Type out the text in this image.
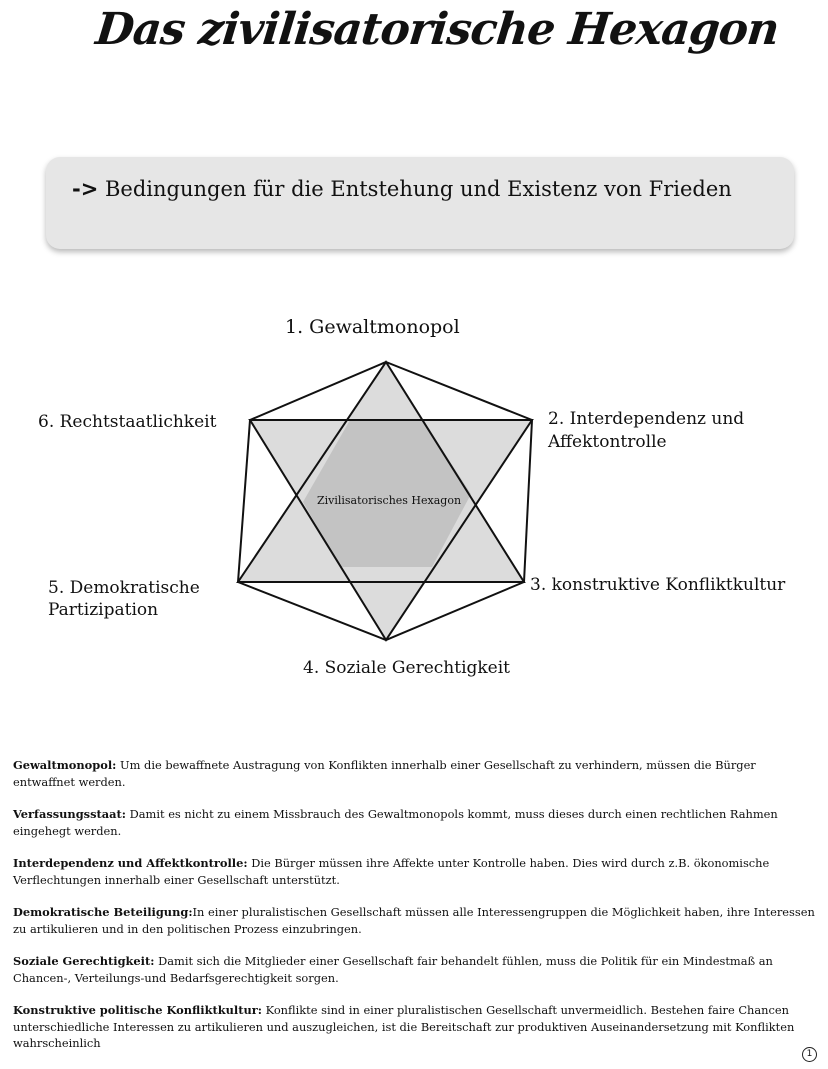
Das zivilisatorische Hexagon
-> Bedingungen für die Entstehung und Existenz von Frieden
Zivilisatorisches Hexagon
1. Gewaltmonopol
2. Interdependenz und
Affektontrolle
3. konstruktive Konfliktkultur
4. Soziale Gerechtigkeit
5. Demokratische
Partizipation
6. Rechtstaatlichkeit
Gewaltmonopol: Um die bewaffnete Austragung von Konflikten innerhalb einer Gesellschaft zu verhindern, müssen die Bürger entwaffnet werden.
Verfassungsstaat: Damit es nicht zu einem Missbrauch des Gewaltmonopols kommt, muss dieses durch einen rechtlichen Rahmen eingehegt werden.
Interdependenz und Affektkontrolle: Die Bürger müssen ihre Affekte unter Kontrolle haben. Dies wird durch z.B. ökonomische Verflechtungen innerhalb einer Gesellschaft unterstützt.
Demokratische Beteiligung:In einer pluralistischen Gesellschaft müssen alle Interessengruppen die Möglichkeit haben, ihre Interessen zu artikulieren und in den politischen Prozess einzubringen.
Soziale Gerechtigkeit: Damit sich die Mitglieder einer Gesellschaft fair behandelt fühlen, muss die Politik für ein Mindestmaß an Chancen-, Verteilungs-und Bedarfsgerechtigkeit sorgen.
Konstruktive politische Konfliktkultur: Konflikte sind in einer pluralistischen Gesellschaft unvermeidlich. Bestehen faire Chancen unterschiedliche Interessen zu artikulieren und auszugleichen, ist die Bereitschaft zur produktiven Auseinandersetzung mit Konflikten wahrscheinlich
1
